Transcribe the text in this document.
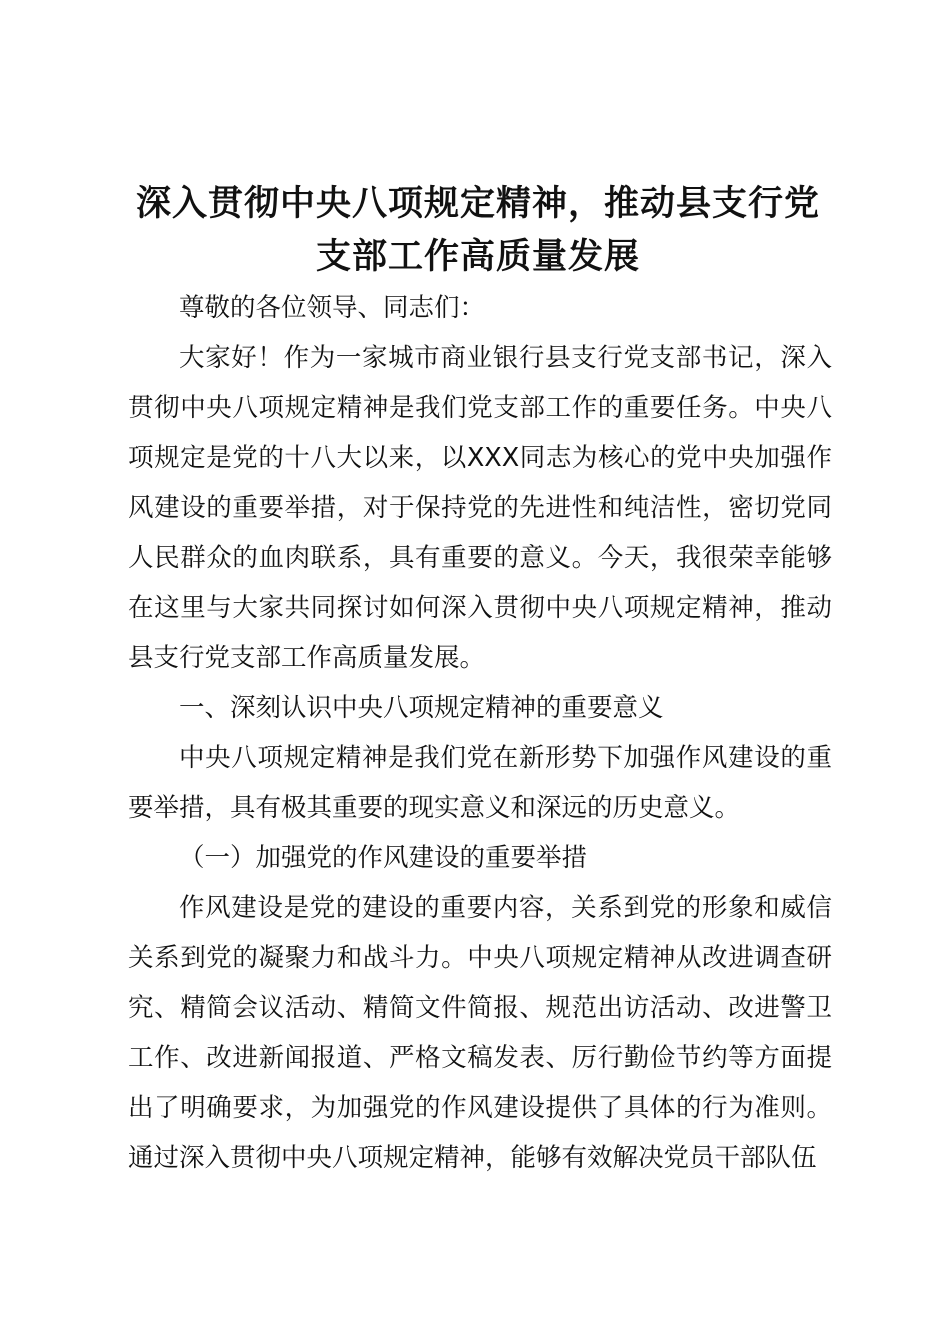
深入贯彻中央八项规定精神，推动县支行党支部工作高质量发展

尊敬的各位领导、同志们：

大家好！作为一家城市商业银行县支行党支部书记，深入贯彻中央八项规定精神是我们党支部工作的重要任务。中央八项规定是党的十八大以来，以XXX同志为核心的党中央加强作风建设的重要举措，对于保持党的先进性和纯洁性，密切党同人民群众的血肉联系，具有重要的意义。今天，我很荣幸能够在这里与大家共同探讨如何深入贯彻中央八项规定精神，推动县支行党支部工作高质量发展。

一、深刻认识中央八项规定精神的重要意义

中央八项规定精神是我们党在新形势下加强作风建设的重要举措，具有极其重要的现实意义和深远的历史意义。

（一）加强党的作风建设的重要举措

作风建设是党的建设的重要内容，关系到党的形象和威信关系到党的凝聚力和战斗力。中央八项规定精神从改进调查研究、精简会议活动、精简文件简报、规范出访活动、改进警卫工作、改进新闻报道、严格文稿发表、厉行勤俭节约等方面提出了明确要求，为加强党的作风建设提供了具体的行为准则。通过深入贯彻中央八项规定精神，能够有效解决党员干部队伍
